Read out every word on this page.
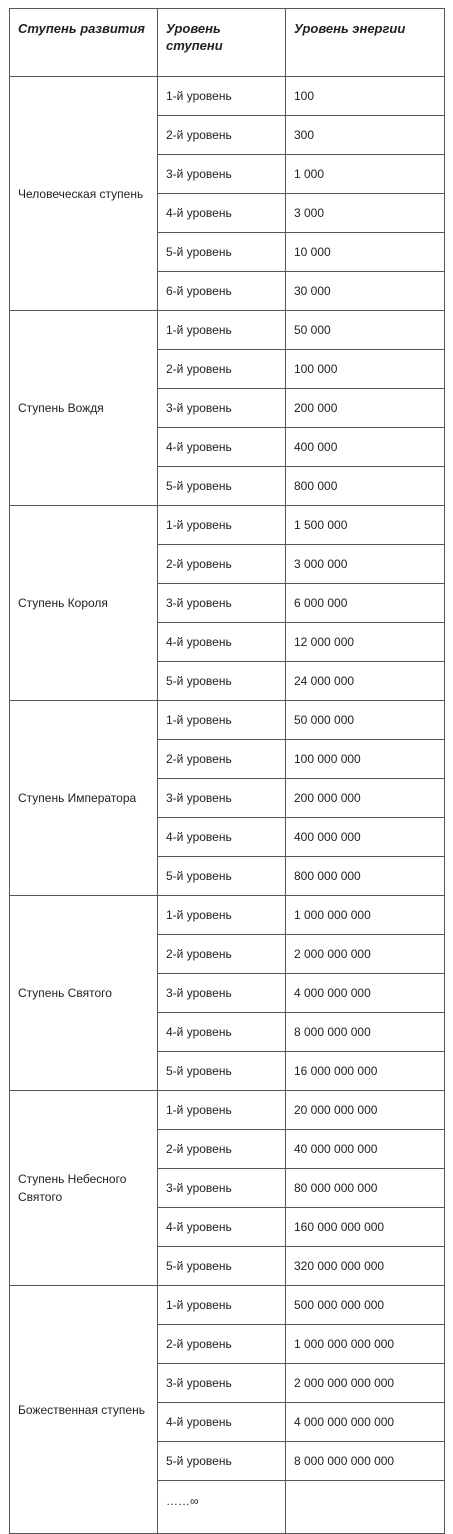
Ступень развития	Уровень ступени	Уровень энергии
Человеческая ступень	1-й уровень	100
	2-й уровень	300
	3-й уровень	1 000
	4-й уровень	3 000
	5-й уровень	10 000
	6-й уровень	30 000
Ступень Вождя	1-й уровень	50 000
	2-й уровень	100 000
	3-й уровень	200 000
	4-й уровень	400 000
	5-й уровень	800 000
Ступень Короля	1-й уровень	1 500 000
	2-й уровень	3 000 000
	3-й уровень	6 000 000
	4-й уровень	12 000 000
	5-й уровень	24 000 000
Ступень Императора	1-й уровень	50 000 000
	2-й уровень	100 000 000
	3-й уровень	200 000 000
	4-й уровень	400 000 000
	5-й уровень	800 000 000
Ступень Святого	1-й уровень	1 000 000 000
	2-й уровень	2 000 000 000
	3-й уровень	4 000 000 000
	4-й уровень	8 000 000 000
	5-й уровень	16 000 000 000
Ступень Небесного Святого	1-й уровень	20 000 000 000
	2-й уровень	40 000 000 000
	3-й уровень	80 000 000 000
	4-й уровень	160 000 000 000
	5-й уровень	320 000 000 000
Божественная ступень	1-й уровень	500 000 000 000
	2-й уровень	1 000 000 000 000
	3-й уровень	2 000 000 000 000
	4-й уровень	4 000 000 000 000
	5-й уровень	8 000 000 000 000
	……∞	
